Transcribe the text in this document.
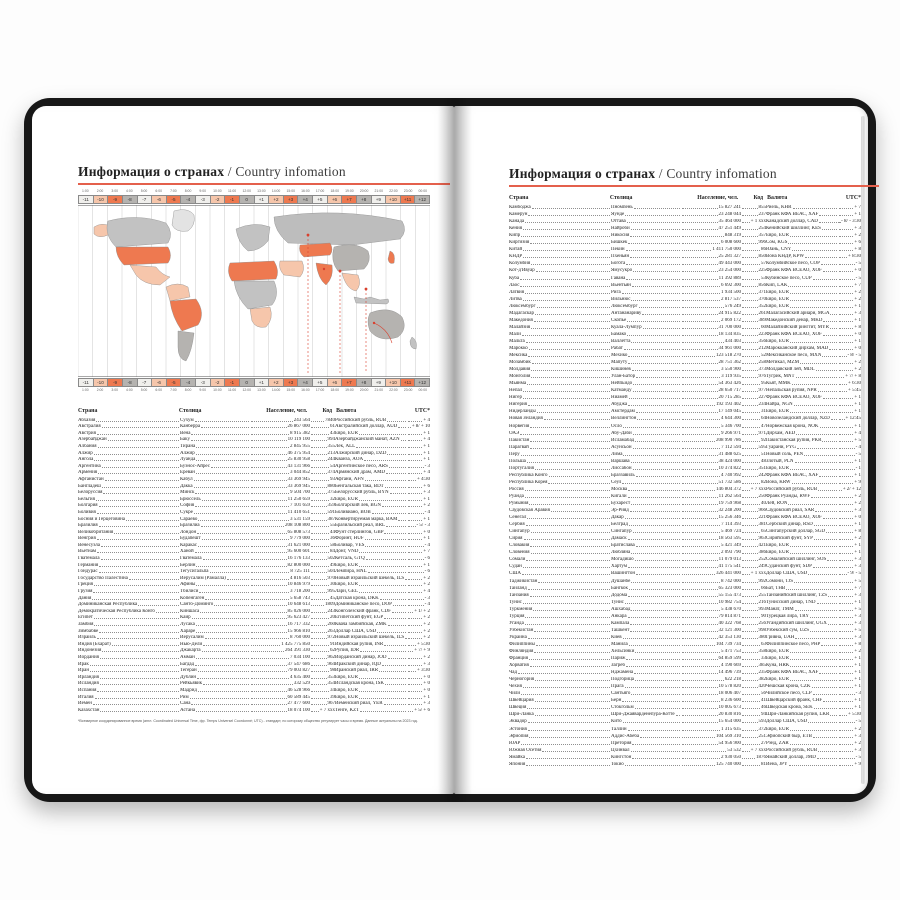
Информация о странах / Country infomation
1:00	2:00	3:00	4:00	5:00	6:00	7:00	8:00	9:00	10:00	11:00	12:00	13:00	14:00	15:00	16:00	17:00	18:00	19:00	20:00	21:00	22:00	23:00	00:00
-11	-10	-9	-8	-7	-6	-5	-4	-3	-2	-1	0	+1	+2	+3	+4	+5	+6	+7	+8	+9	+10	+11	+12
-11	-10	-9	-8	-7	-6	-5	-4	-3	-2	-1	0	+1	+2	+3	+4	+5	+6	+7	+8	+9	+10	+11	+12
1:00	2:00	3:00	4:00	5:00	6:00	7:00	8:00	9:00	10:00	11:00	12:00	13:00	14:00	15:00	16:00	17:00	18:00	19:00	20:00	21:00	22:00	23:00	00:00
Страна	Столица	Население, чел.	Код Валюта	UTC*
Абхазия	Сухум	243 564	7840 Российский рубль, RUB	+ 4
Австралия	Канберра	26 867 000	61 Австралийский доллар, AUD	+ 8/ + 10
Австрия	Вена	8 915 382	43 Евро, EUR	+ 1
Азербайджан	Баку	10 119 100	994 Азербайджанский манат, AZN	+ 4
Албания	Тирана	2 845 955	355 Лек, ALL	+ 1
Алжир	Алжир	46 375 954	213 Алжирский динар, DZD	+ 1
Ангола	Луанда	25 830 958	244 Кванза, AOA	+ 1
Аргентина	Буэнос-Айрес	43 131 966	54 Аргентинское песо, ARS	- 3
Армения	Ереван	3 044 852	374 Армянский драм, AMD	+ 4
Афганистан	Кабул	33 369 945	93 Афгани, AFN	+ 4:30
Бангладеш	Дакка	33 369 945	880 Бенгальская така, BDT	+ 6
Белоруссия	Минск	9 504 700	375 Белорусский рубль, BYN	+ 3
Бельгия	Брюссель	11 250 659	32 Евро, EUR	+ 1
Болгария	София	7 101 659	359 Болгарский лев, BGN	+ 2
Боливия	Сукре	11 410 651	591 Боливиано, BOB	- 4
Босния и Герцеговина	Сараево	3 531 159	387 Конвертируемая марка, BAM	+ 1
Бразилия	Бразилиа	208 108 800	55 Бразильский реал, BRL	- 5/ - 3
Великобритания	Лондон	65 808 573	44 Фунт стерлингов, GBP	+ 0
Венгрия	Будапешт	9 779 000	36 Форинт, HUF	+ 1
Венесуэла	Каракас	31 621 000	58 Боливар, VES	- 4
Вьетнам	Ханой	95 600 601	84 Донг, VND	+ 7
Гватемала	Гватемала	16 176 133	502 Кетсаль, GTQ	- 6
Германия	Берлин	82 800 000	49 Евро, EUR	+ 1
Гондурас	Тегусигальпа	8 725 111	504 Лемпира, HNL	- 6
Государство Палестина	Иерусалим (Рамалла)	4 816 503	970 Новый израильский шекель, ILS	+ 2
Греция	Афины	10 846 979	30 Евро, EUR	+ 2
Грузия	Тбилиси	3 718 200	995 Лари, GEL	+ 4
Дания	Копенгаген	5 658 743	45 Датская крона, DKK	- 3
Доминиканская Республика	Санто-Доминго	10 648 613	1809 Доминиканское песо, DOP	- 4
Демократическая Республика Конго	Киншаса	85 026 000	243 Конголезский франк, CDF	+ 1/ + 2
Египет	Каир	95 623 427	20 Египетский фунт, EGP	+ 2
Замбия	Лусака	16 717 332	260 Квача замбийская, ZMK	+ 2
Зимбабве	Хараре	15 966 810	263 Доллар США, USD	+ 2
Израиль	Иерусалим	8 760 000	972 Новый израильский шекель, ILS	+ 2
Индия (Бхарат)	Нью-Дели	1 425 775 850	91 Индийская рупия, INR	+ 5:30
Индонезия	Джакарта	264 391 330	62 Рупия, IDR	+ 7/ + 9
Иордания	Амман	7 034 100	962 Иорданский динар, JOD	+ 2
Ирак	Багдад	37 547 686	964 Иракский динар, IQD	+ 3
Иран	Тегеран	79 003 827	98 Иранский риал, IRR	+ 3:30
Ирландия	Дублин	4 635 400	353 Евро, EUR	+ 0
Исландия	Рейкьявик	332 529	354 Исландская крона, ISK	+ 0
Испания	Мадрид	46 528 966	34 Евро, EUR	+ 0
Италия	Рим	60 589 445	39 Евро, EUR	+ 1
Йемен	Сана	27 477 600	967 Йеменский риал, YER	+ 3
Казахстан	Астана	18 074 100 + 7 xxx Тенге, KZT	+ 5/ + 6
*Всемирное координированное время (англ. Coordinated Universal Time, фр. Temps Universel Coordonné; UTC) - стандарт, по которому общество регулирует часы и время. Данные актуальны на 2023 год.
Информация о странах / Country infomation
Страна	Столица	Население, чел.	Код Валюта	UTC*
Камбоджа	Пномпень	15 827 241	855 Риель, KHR	+ 7
Камерун	Яунде	23 248 044	237 Франк КФА ВЕАС, XAF	+ 1
Канада	Оттава	35 464 000 + 1 xxx Канадский доллар, CAD	- 8/ - 3:30
Кения	Найроби	47 251 449	254 Кенийский шиллинг, KES	+ 3
Кипр	Никосия	848 319	357 Евро, EUR	+ 2
Киргизия	Бишкек	6 008 600	996 Сом, KGS	+ 6
Китай	Пекин	1 411 750 000	86 Юань, CNY	+ 8
КНДР	Пхеньян	25 281 327	850 Вона КНДР, KPW	+ 8:30
Колумбия	Богота	49 443 000	57 Колумбийское песо, COP	- 5
Кот-д'Ивуар	Ямусукро	23 254 000	225 Франк КФА ВСЕАО, XOF	+ 0
Куба	Гавана	11 392 889	53 Кубинское песо, CUP	- 5
Лаос	Вьентьян	6 692 300	856 Кип, LAK	+ 7
Латвия	Рига	1 934 500	371 Евро, EUR	+ 2
Литва	Вильнюс	2 817 537	370 Евро, EUR	+ 2
Люксембург	Люксембург	576 249	352 Евро, EUR	+ 1
Мадагаскар	Антананариву	24 915 822	261 Малагасийский ариари, MGA	+ 3
Македония	Скопье	2 069 172	389 Македонский денар, MKD	+ 1
Малайзия	Куала-Лумпур	31 700 000	60 Малайзийский ринггит, MYR	+ 8
Мали	Бамако	18 134 835	223 Франк КФА ВСЕАО, XOF	+ 0
Мальта	Валлетта	434 403	356 Евро, EUR	+ 1
Марокко	Рабат	34 961 000	212 Марокканский дирхам, MAD	+ 0
Мексика	Мехико	123 518 270	52 Мексиканское песо, MXN	- 8/ - 5
Мозамбик	Мапуту	28 751 362	258 Метикал, MZM	+ 2
Молдавия	Кишинёв	3 550 900	373 Молдавский лей, MDL	+ 2
Монголия	Улан-Батор	3 119 935	976 Тугрик, MNT	+ 7/ + 8
Мьянма	Нейпьидо	54 363 426	95 Кьят, MMK	+ 6:30
Непал	Катманду	28 650 717	977 Непальская рупия, NPR	+ 5:45
Нигер	Ниамей	20 715 285	227 Франк КФА ВСЕАО, XOF	+ 1
Нигерия	Абуджа	192 193 402	234 Найра, NGN	+ 1
Нидерланды	Амстердам	17 149 045	31 Евро, EUR	+ 1
Новая Зеландия	Веллингтон	4 644 300	64 Новозеландский доллар, NZD	+ 12:45
Норвегия	Осло	5 346 700	47 Норвежская крона, NOK	+ 1
ОАЭ	Абу-Даби	9 266 971	971 Дирхам, AED	+ 4
Пакистан	Исламабад	208 990 786	92 Пакистанская рупия, PKR	+ 5
Парагвай	Асунсьон	7 112 594	595 Гуарани, PYG	- 4
Перу	Лима	31 488 625	51 Новый соль, PEN	- 5
Польша	Варшава	38 424 000	48 Злотый, PLN	+ 1
Португалия	Лиссабон	10 374 822	351 Евро, EUR	- 1
Республика Конго	Браззавиль	4 740 992	242 Франк КФА ВЕАС, XAF	+ 1
Республика Корея	Сеул	51 732 586	82 Вона, KRW	+ 9
Россия	Москва	146 804 372 + 7 xxx Российский рубль, RUB	+ 2/ + 12
Руанда	Кигали	11 262 564	250 Франк Руанды, RWF	+ 2
Румыния	Бухарест	19 759 968	40 Лей, RON	+ 2
Саудовская Аравия	Эр-Рияд	32 248 200	966 Саудовский риал, SAR	+ 3
Сенегал	Дакар	15 256 346	221 Франк КФА ВСЕАО, XOF	+ 0
Сербия	Белград	7 114 393	381 Сербский динар, RSD	+ 1
Сингапур	Сингапур	5 469 724	65 Сингапурский доллар, SGD	+ 8
Сирия	Дамаск	18 563 595	963 Сирийский фунт, SYP	+ 2
Словакия	Братислава	5 421 349	421 Евро, EUR	+ 1
Словения	Любляна	2 093 790	386 Евро, EUR	+ 1
Сомали	Могадишо	11 079 013	252 Сомалийский шиллинг, SOS	+ 3
Судан	Хартум	41 175 541	249 Суданский фунт, SDP	+ 3
США	Вашингтон	326 441 000 + 1 xxx Доллар США, USD	- 9/ - 5
Таджикистан	Душанбе	8 742 000	992 Сомони, TJS	+ 5
Таиланд	Бангкок	65 323 000	66 Бат, THB	+ 7
Танзания	Додома	55 155 473	255 Танзанийский шиллинг, TZS	+ 3
Тунис	Тунис	10 982 754	216 Тунисский динар, TND	+ 1
Туркмения	Ашхабад	5 438 670	993 Манат, TMM	+ 5
Турция	Анкара	79 814 871	90 Турецкая лира, TRY	+ 3
Уганда	Кампала	40 322 768	256 Угандийский шиллинг, UGX	+ 3
Узбекистан	Ташкент	32 121 300	998 Узбекский сум, UZS	+ 5
Украина	Киев	42 353 130	380 Гривна, UAH	+ 3
Филиппины	Манила	104 739 734	63 Филиппинское песо, PHP	+ 8
Финляндия	Хельсинки	5 471 753	358 Евро, EUR	+ 2
Франция	Париж	64 859 599	33 Евро, EUR	+ 1
Хорватия	Загреб	4 190 669	385 Куна, HRK	+ 1
Чад	Нджамена	14 496 739	235 Франк КФА ВЕАС, XAF	+ 1
Черногория	Подгорица	622 218	382 Евро, EUR	+ 1
Чехия	Прага	10 578 820	420 Чешская крона, CZK	+ 1
Чили	Сантьяго	18 006 407	56 Чилийское песо, CLP	- 3
Швейцария	Берн	8 236 600	41 Швейцарский франк, CHF	+ 1
Швеция	Стокгольм	10 005 673	46 Шведская крона, SEK	+ 1
Шри-Ланка	Шри-Джаяварденепура-Котте	20 830 816	94 Шри-Ланкийская рупия, LKR	+ 5:30
Эквадор	Кито	15 654 000	593 Доллар США, USD	- 5
Эстония	Таллин	1 315 635	372 Евро, EUR	+ 2
Эфиопия	Аддис-Абеба	104 569 310	251 Эфиопский быр, ETB	+ 3
ЮАР	Претория	54 956 900	27 Рэнд, ZAR	+ 2
Южная Осетия	Цхинвал	53 532 + 7 xxx Российский рубль, RUB	+ 3
Ямайка	Кингстон	2 930 050	1876 Ямайский доллар, JMD	- 5
Япония	Токио	125 740 000	81 Иена, JPY	+ 9
